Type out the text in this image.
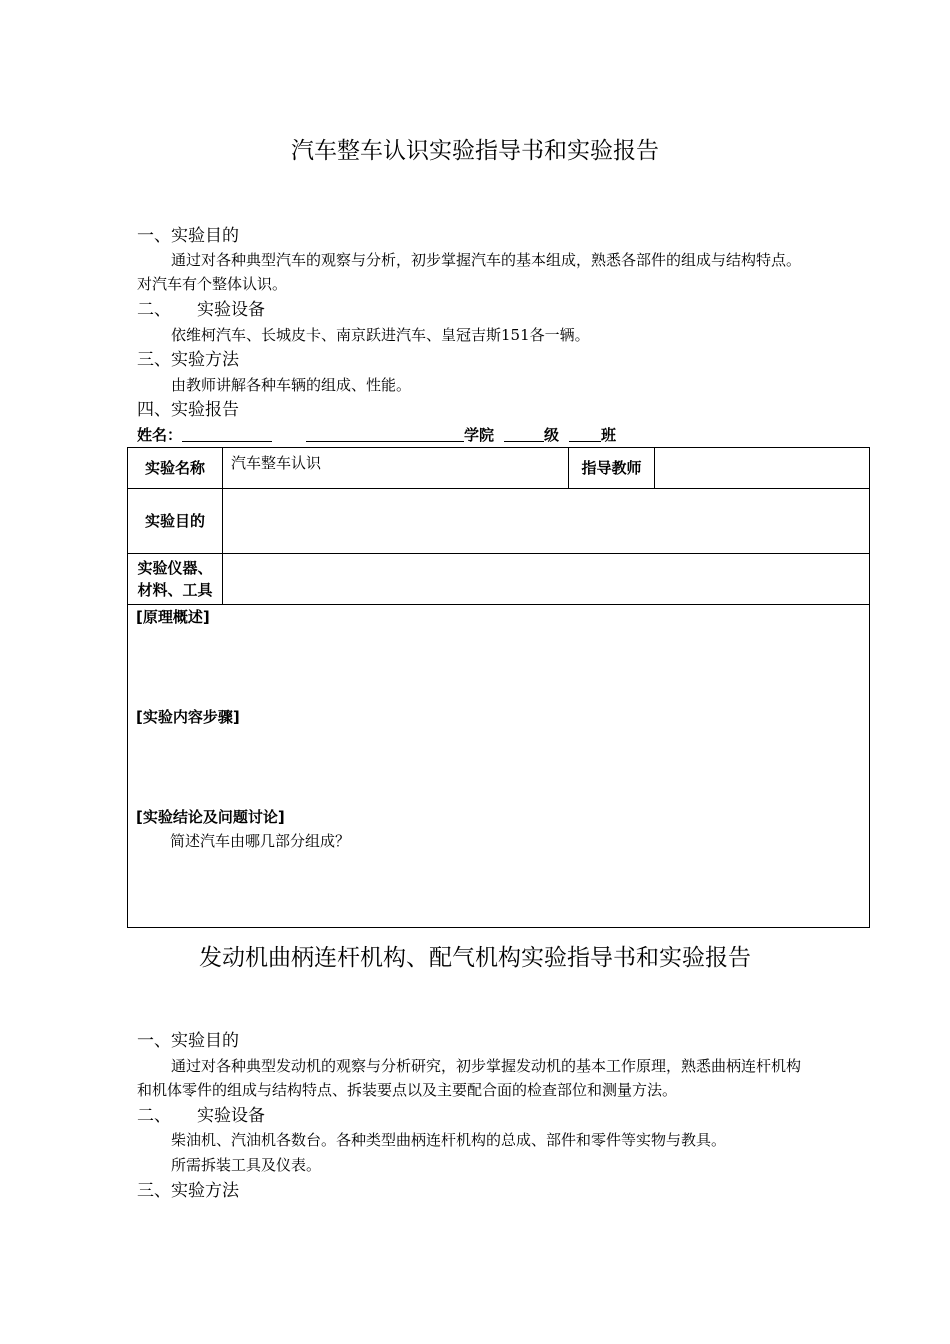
汽车整车认识实验指导书和实验报告
一、实验目的
通过对各种典型汽车的观察与分析，初步掌握汽车的基本组成，熟悉各部件的组成与结构特点。
对汽车有个整体认识。
二、 实验设备
依维柯汽车、长城皮卡、南京跃进汽车、皇冠吉斯151各一辆。
三、实验方法
由教师讲解各种车辆的组成、性能。
四、实验报告
姓名：	学院	级	班
实验名称	汽车整车认识	指导教师	
实验目的			

实验仪器、
材料、工具			

[原理概述]
[实验内容步骤]
[实验结论及问题讨论]
简述汽车由哪几部分组成？			
发动机曲柄连杆机构、配气机构实验指导书和实验报告
一、实验目的
通过对各种典型发动机的观察与分析研究，初步掌握发动机的基本工作原理，熟悉曲柄连杆机构
和机体零件的组成与结构特点、拆装要点以及主要配合面的检查部位和测量方法。
二、 实验设备
柴油机、汽油机各数台。各种类型曲柄连杆机构的总成、部件和零件等实物与教具。
所需拆装工具及仪表。
三、实验方法
